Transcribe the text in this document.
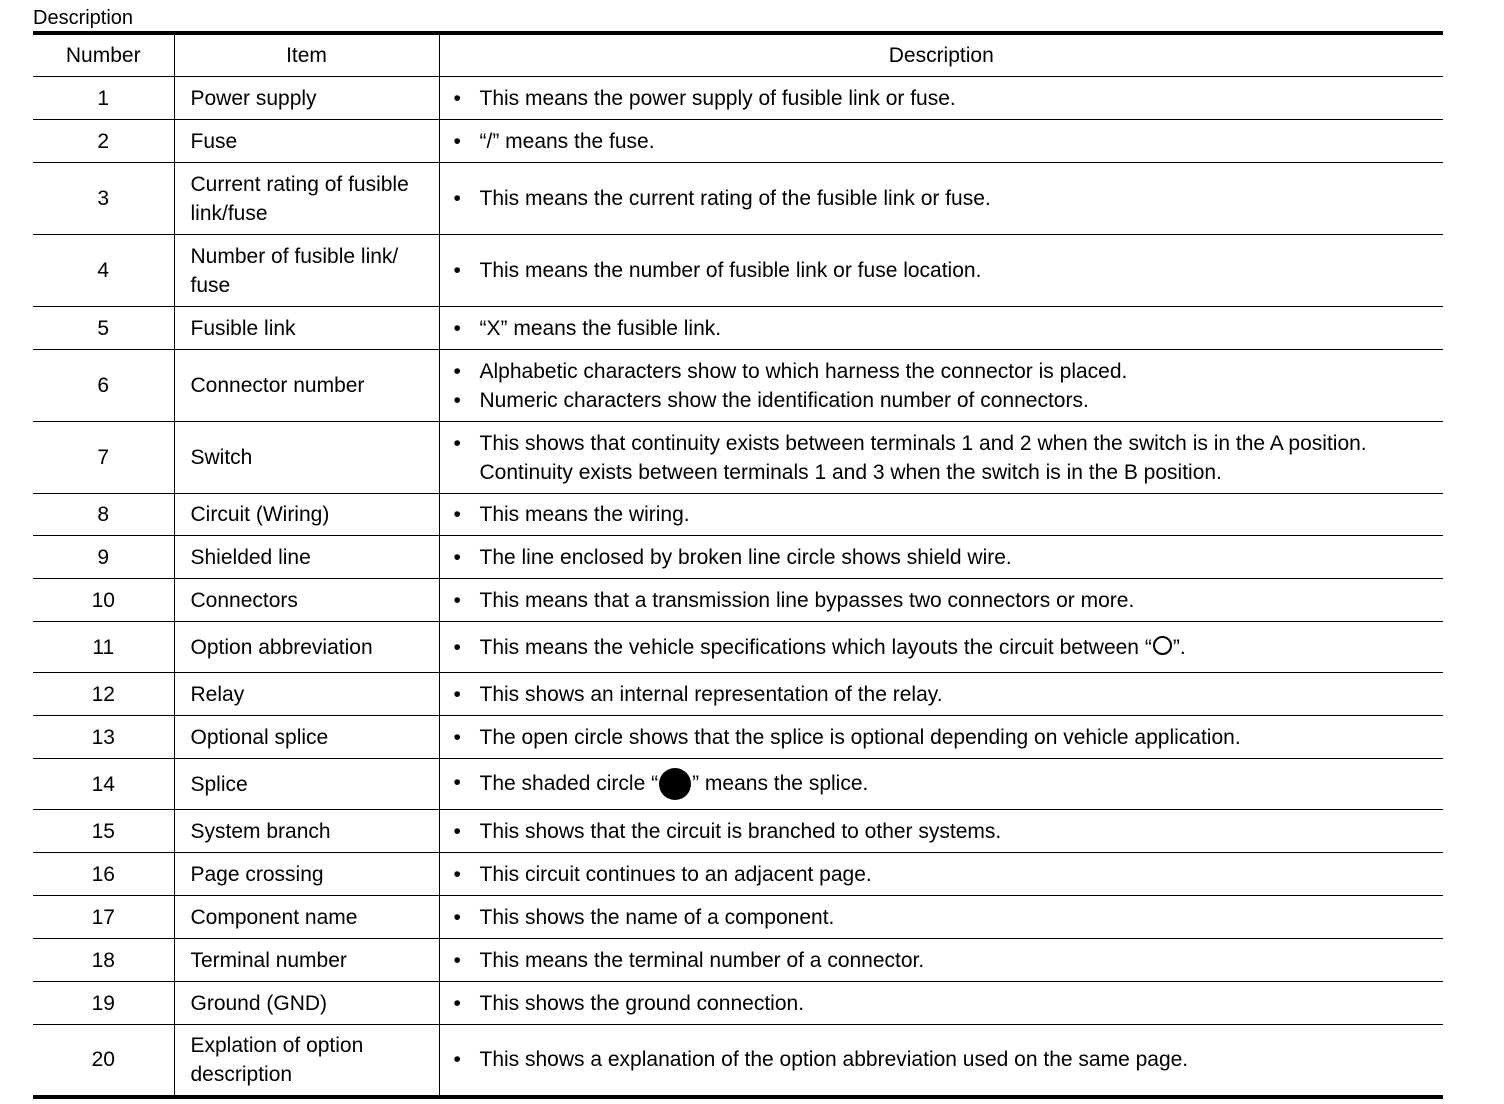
Description
Number	Item	Description
1	Power supply	• This means the power supply of fusible link or fuse.

2	Fuse	• “/” means the fuse.

3	Current rating of fusible link/fuse	• This means the current rating of the fusible link or fuse.

4	Number of fusible link/ fuse	• This means the number of fusible link or fuse location.

5	Fusible link	• “X” means the fusible link.

6	Connector number	• Alphabetic characters show to which harness the connector is placed.
• Numeric characters show the identification number of connectors.

7	Switch	• This shows that continuity exists between terminals 1 and 2 when the switch is in the A position. Continuity exists between terminals 1 and 3 when the switch is in the B position.

8	Circuit (Wiring)	• This means the wiring.

9	Shielded line	• The line enclosed by broken line circle shows shield wire.

10	Connectors	• This means that a transmission line bypasses two connectors or more.

11	Option abbreviation	• This means the vehicle specifications which layouts the circuit between “ ”.

12	Relay	• This shows an internal representation of the relay.

13	Optional splice	• The open circle shows that the splice is optional depending on vehicle application.

14	Splice	• The shaded circle “ ” means the splice.

15	System branch	• This shows that the circuit is branched to other systems.

16	Page crossing	• This circuit continues to an adjacent page.

17	Component name	• This shows the name of a component.

18	Terminal number	• This means the terminal number of a connector.

19	Ground (GND)	• This shows the ground connection.

20	Explation of option description	• This shows a explanation of the option abbreviation used on the same page.
